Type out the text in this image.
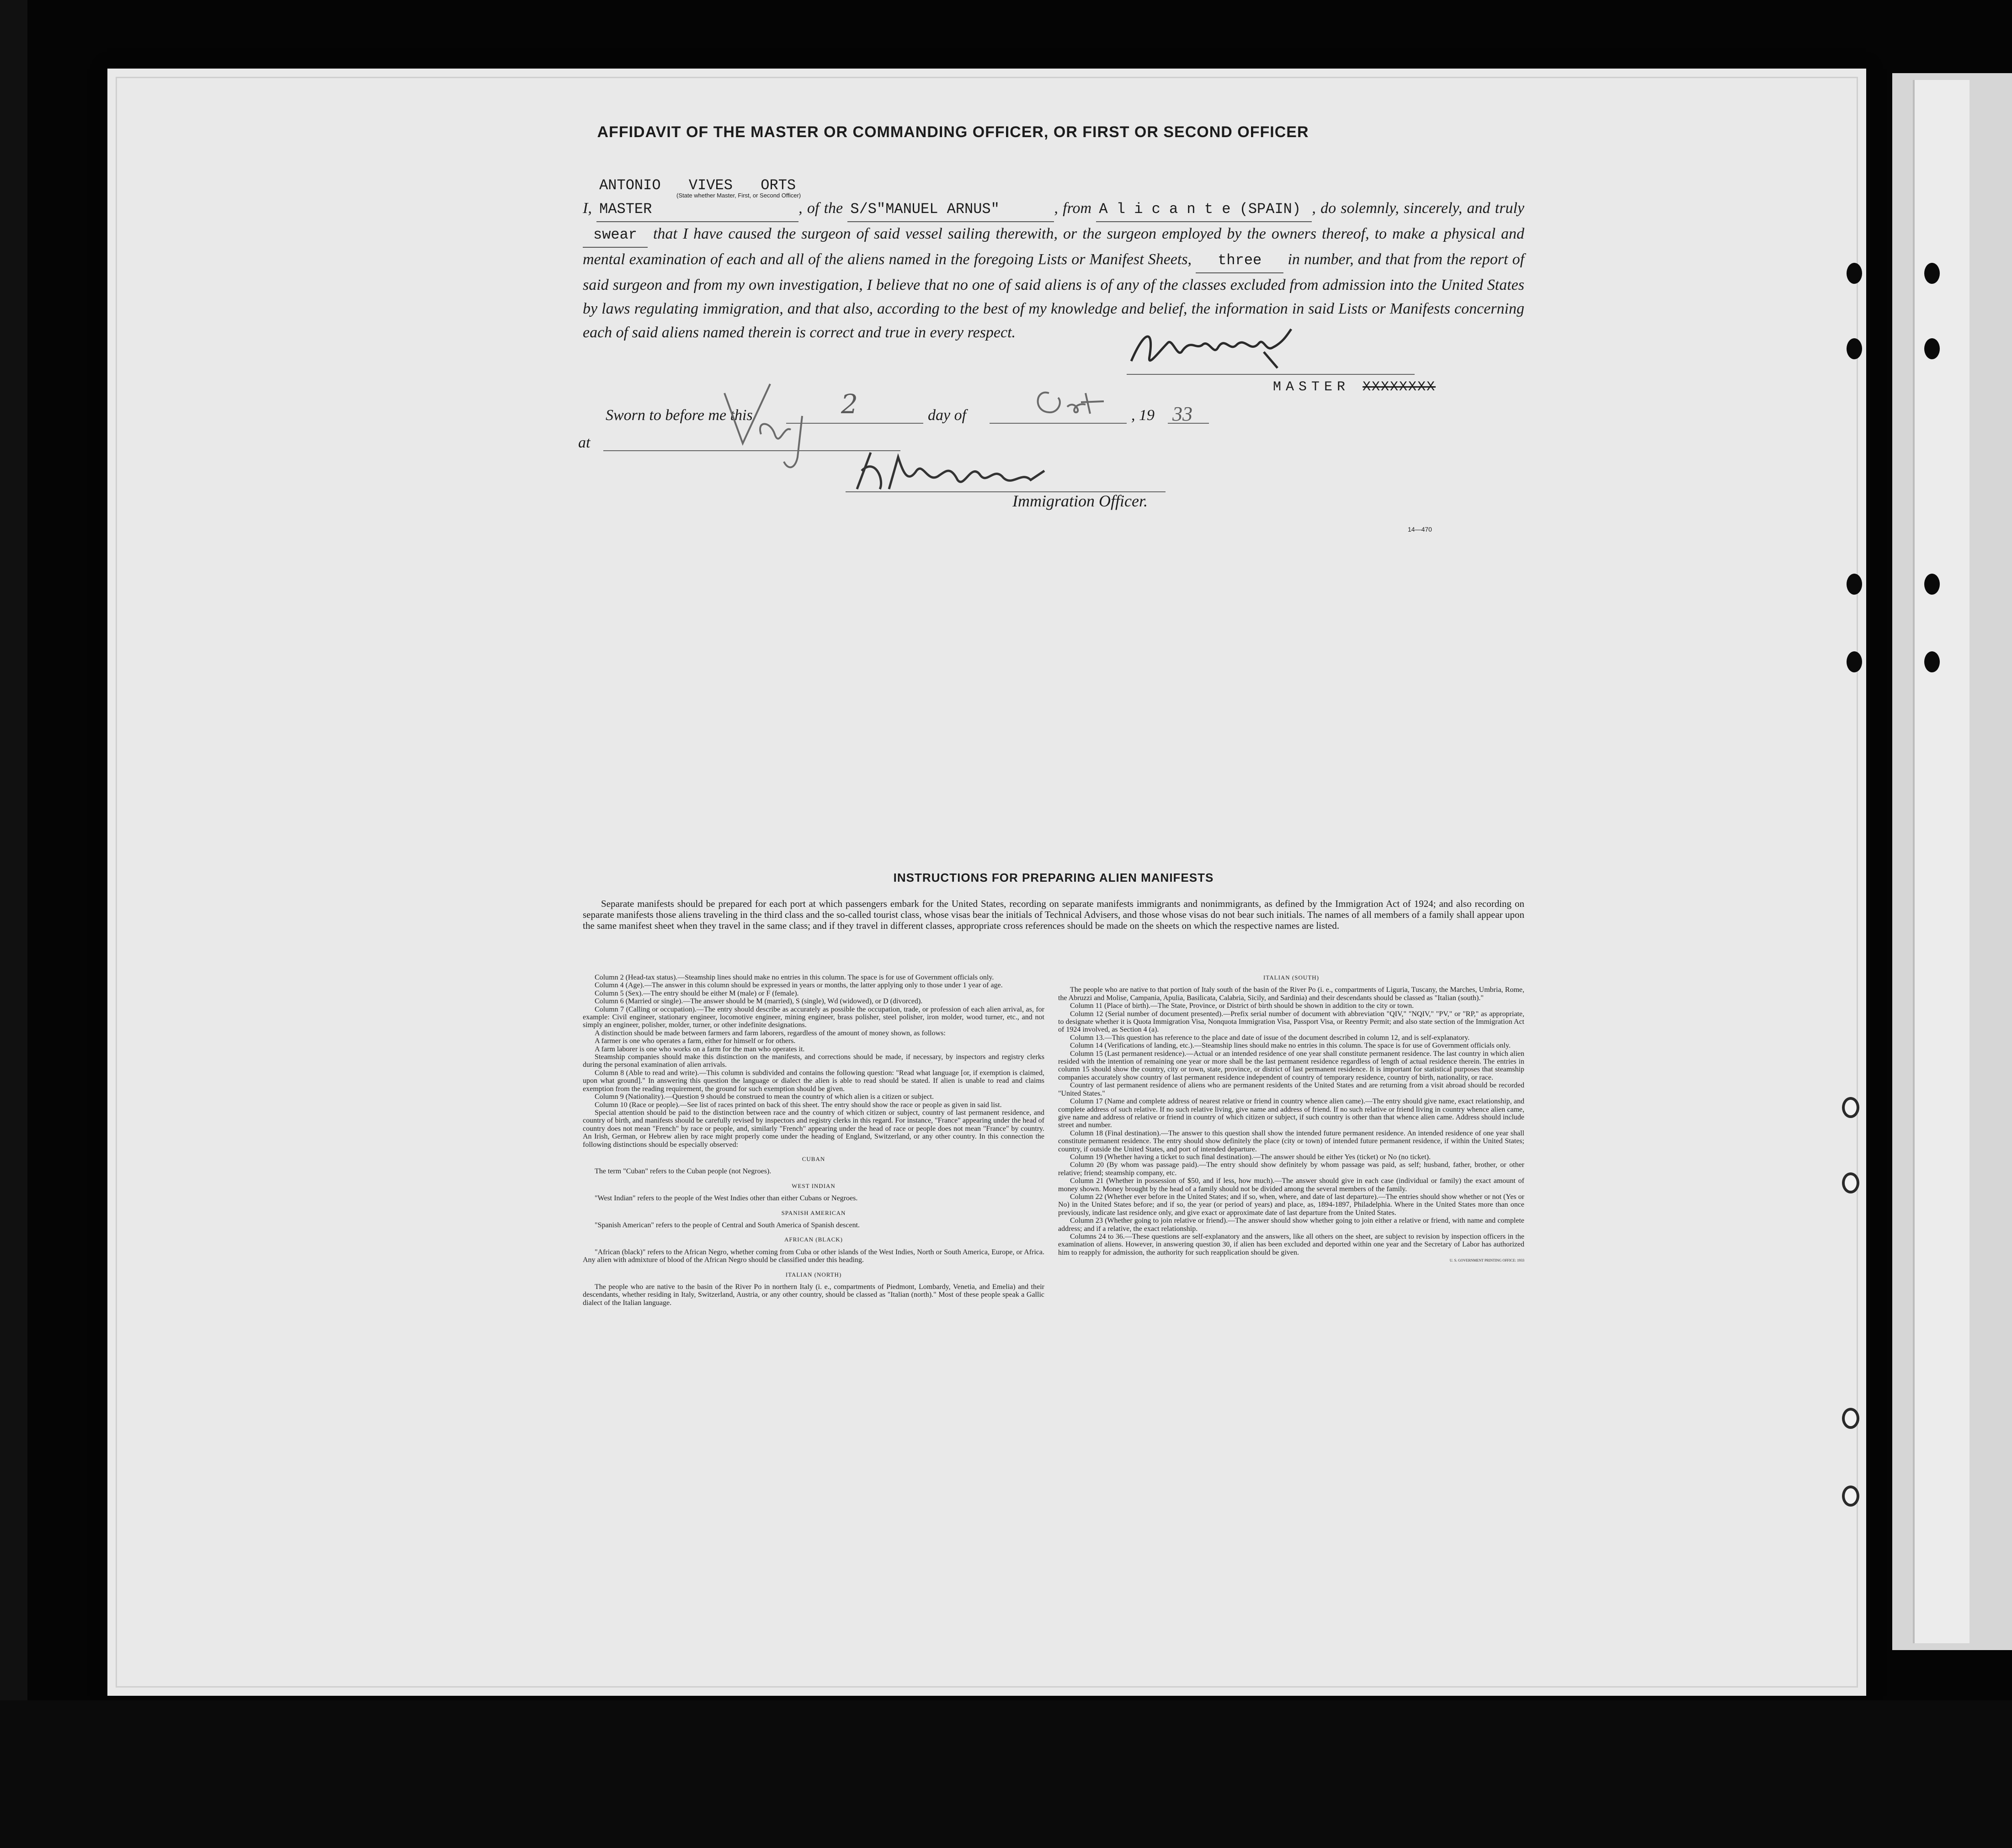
AFFIDAVIT OF THE MASTER OR COMMANDING OFFICER, OR FIRST OR SECOND OFFICER
I, ANTONIO VIVES ORTS MASTER	, of the S/S"MANUEL ARNUS"	, from A l i c a n t e (SPAIN) , do solemnly, sincerely, and truly swear that I have caused the surgeon of said vessel sailing therewith, or the surgeon employed by the owners thereof, to make a physical and mental examination of each and all of the aliens named in the foregoing Lists or Manifest Sheets, three in number, and that from the report of said surgeon and from my own investigation, I believe that no one of said aliens is of any of the classes excluded from admission into the United States by laws regulating immigration, and that also, according to the best of my knowledge and belief, the information in said Lists or Manifests concerning each of said aliens named therein is correct and true in every respect.
(State whether Master, First, or Second Officer)
MASTER XXXXXXXX
Sworn to before me this	2	day of	, 19 33
at
Immigration Officer.
14—470
INSTRUCTIONS FOR PREPARING ALIEN MANIFESTS
Separate manifests should be prepared for each port at which passengers embark for the United States, recording on separate manifests immigrants and nonimmigrants, as defined by the Immigration Act of 1924; and also recording on separate manifests those aliens traveling in the third class and the so-called tourist class, whose visas bear the initials of Technical Advisers, and those whose visas do not bear such initials. The names of all members of a family shall appear upon the same manifest sheet when they travel in the same class; and if they travel in different classes, appropriate cross references should be made on the sheets on which the respective names are listed.

Column 2 (Head-tax status).—Steamship lines should make no entries in this column. The space is for use of Government officials only.

Column 4 (Age).—The answer in this column should be expressed in years or months, the latter applying only to those under 1 year of age.

Column 5 (Sex).—The entry should be either M (male) or F (female).

Column 6 (Married or single).—The answer should be M (married), S (single), Wd (widowed), or D (divorced).

Column 7 (Calling or occupation).—The entry should describe as accurately as possible the occupation, trade, or profession of each alien arrival, as, for example: Civil engineer, stationary engineer, locomotive engineer, mining engineer, brass polisher, steel polisher, iron molder, wood turner, etc., and not simply an engineer, polisher, molder, turner, or other indefinite designations.

A distinction should be made between farmers and farm laborers, regardless of the amount of money shown, as follows:

A farmer is one who operates a farm, either for himself or for others.

A farm laborer is one who works on a farm for the man who operates it.

Steamship companies should make this distinction on the manifests, and corrections should be made, if necessary, by inspectors and registry clerks during the personal examination of alien arrivals.

Column 8 (Able to read and write).—This column is subdivided and contains the following question: "Read what language [or, if exemption is claimed, upon what ground]." In answering this question the language or dialect the alien is able to read should be stated. If alien is unable to read and claims exemption from the reading requirement, the ground for such exemption should be given.

Column 9 (Nationality).—Question 9 should be construed to mean the country of which alien is a citizen or subject.

Column 10 (Race or people).—See list of races printed on back of this sheet. The entry should show the race or people as given in said list.

Special attention should be paid to the distinction between race and the country of which citizen or subject, country of last permanent residence, and country of birth, and manifests should be carefully revised by inspectors and registry clerks in this regard. For instance, "France" appearing under the head of country does not mean "French" by race or people, and, similarly "French" appearing under the head of race or people does not mean "France" by country. An Irish, German, or Hebrew alien by race might properly come under the heading of England, Switzerland, or any other country. In this connection the following distinctions should be especially observed:

CUBAN

The term "Cuban" refers to the Cuban people (not Negroes).

WEST INDIAN

"West Indian" refers to the people of the West Indies other than either Cubans or Negroes.

SPANISH AMERICAN

"Spanish American" refers to the people of Central and South America of Spanish descent.

AFRICAN (BLACK)

"African (black)" refers to the African Negro, whether coming from Cuba or other islands of the West Indies, North or South America, Europe, or Africa. Any alien with admixture of blood of the African Negro should be classified under this heading.

ITALIAN (NORTH)

The people who are native to the basin of the River Po in northern Italy (i. e., compartments of Piedmont, Lombardy, Venetia, and Emelia) and their descendants, whether residing in Italy, Switzerland, Austria, or any other country, should be classed as "Italian (north)." Most of these people speak a Gallic dialect of the Italian language.

ITALIAN (SOUTH)

The people who are native to that portion of Italy south of the basin of the River Po (i. e., compartments of Liguria, Tuscany, the Marches, Umbria, Rome, the Abruzzi and Molise, Campania, Apulia, Basilicata, Calabria, Sicily, and Sardinia) and their descendants should be classed as "Italian (south)."

Column 11 (Place of birth).—The State, Province, or District of birth should be shown in addition to the city or town.

Column 12 (Serial number of document presented).—Prefix serial number of document with abbreviation "QIV," "NQIV," "PV," or "RP," as appropriate, to designate whether it is Quota Immigration Visa, Nonquota Immigration Visa, Passport Visa, or Reentry Permit; and also state section of the Immigration Act of 1924 involved, as Section 4 (a).

Column 13.—This question has reference to the place and date of issue of the document described in column 12, and is self-explanatory.

Column 14 (Verifications of landing, etc.).—Steamship lines should make no entries in this column. The space is for use of Government officials only.

Column 15 (Last permanent residence).—Actual or an intended residence of one year shall constitute permanent residence. The last country in which alien resided with the intention of remaining one year or more shall be the last permanent residence regardless of length of actual residence therein. The entries in column 15 should show the country, city or town, state, province, or district of last permanent residence. It is important for statistical purposes that steamship companies accurately show country of last permanent residence independent of country of temporary residence, country of birth, nationality, or race.

Country of last permanent residence of aliens who are permanent residents of the United States and are returning from a visit abroad should be recorded "United States."

Column 17 (Name and complete address of nearest relative or friend in country whence alien came).—The entry should give name, exact relationship, and complete address of such relative. If no such relative living, give name and address of friend. If no such relative or friend living in country whence alien came, give name and address of relative or friend in country of which citizen or subject, if such country is other than that whence alien came. Address should include street and number.

Column 18 (Final destination).—The answer to this question shall show the intended future permanent residence. An intended residence of one year shall constitute permanent residence. The entry should show definitely the place (city or town) of intended future permanent residence, if within the United States; country, if outside the United States, and port of intended departure.

Column 19 (Whether having a ticket to such final destination).—The answer should be either Yes (ticket) or No (no ticket).

Column 20 (By whom was passage paid).—The entry should show definitely by whom passage was paid, as self; husband, father, brother, or other relative; friend; steamship company, etc.

Column 21 (Whether in possession of $50, and if less, how much).—The answer should give in each case (individual or family) the exact amount of money shown. Money brought by the head of a family should not be divided among the several members of the family.

Column 22 (Whether ever before in the United States; and if so, when, where, and date of last departure).—The entries should show whether or not (Yes or No) in the United States before; and if so, the year (or period of years) and place, as, 1894-1897, Philadelphia. Where in the United States more than once previously, indicate last residence only, and give exact or approximate date of last departure from the United States.

Column 23 (Whether going to join relative or friend).—The answer should show whether going to join either a relative or friend, with name and complete address; and if a relative, the exact relationship.

Columns 24 to 36.—These questions are self-explanatory and the answers, like all others on the sheet, are subject to revision by inspection officers in the examination of aliens. However, in answering question 30, if alien has been excluded and deported within one year and the Secretary of Labor has authorized him to reapply for admission, the authority for such reapplication should be given.

U. S. GOVERNMENT PRINTING OFFICE: 1933
